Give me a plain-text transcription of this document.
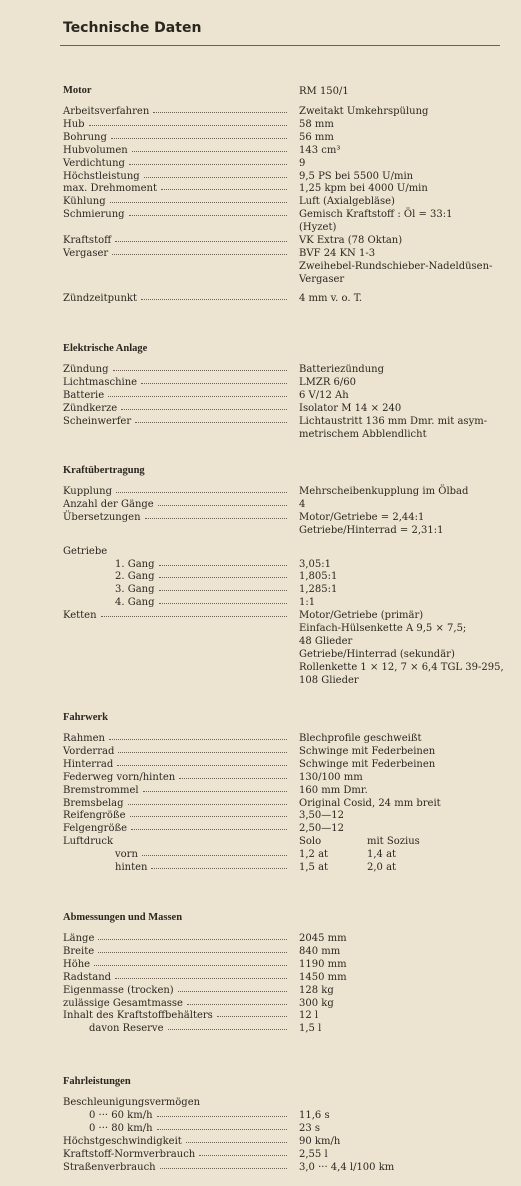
Technische Daten
Motor	RM 150/1
Arbeitsverfahren	Zweitakt Umkehrspülung
Hub	58 mm
Bohrung	56 mm
Hubvolumen	143 cm³
Verdichtung	9
Höchstleistung	9,5 PS bei 5500 U/min
max. Drehmoment	1,25 kpm bei 4000 U/min
Kühlung	Luft (Axialgebläse)
Schmierung	Gemisch Kraftstoff : Öl = 33:1
(Hyzet)
Kraftstoff	VK Extra (78 Oktan)
Vergaser	BVF 24 KN 1-3
Zweihebel-Rundschieber-Nadeldüsen-
Vergaser
Zündzeitpunkt	4 mm v. o. T.
Elektrische Anlage
Zündung	Batteriezündung
Lichtmaschine	LMZR 6/60
Batterie	6 V/12 Ah
Zündkerze	Isolator M 14 × 240
Scheinwerfer	Lichtaustritt 136 mm Dmr. mit asym-
metrischem Abblendlicht
Kraftübertragung
Kupplung	Mehrscheibenkupplung im Ölbad
Anzahl der Gänge	4
Übersetzungen	Motor/Getriebe = 2,44:1
Getriebe/Hinterrad = 2,31:1
Getriebe
1. Gang	3,05:1
2. Gang	1,805:1
3. Gang	1,285:1
4. Gang	1:1
Ketten	Motor/Getriebe (primär)
Einfach-Hülsenkette A 9,5 × 7,5;
48 Glieder
Getriebe/Hinterrad (sekundär)
Rollenkette 1 × 12, 7 × 6,4 TGL 39-295,
108 Glieder
Fahrwerk
Rahmen	Blechprofile geschweißt
Vorderrad	Schwinge mit Federbeinen
Hinterrad	Schwinge mit Federbeinen
Federweg vorn/hinten	130/100 mm
Bremstrommel	160 mm Dmr.
Bremsbelag	Original Cosid, 24 mm breit
Reifengröße	3,50—12
Felgengröße	2,50—12
Luftdruck	Solo	mit Sozius
vorn	1,2 at	1,4 at
hinten	1,5 at	2,0 at
Abmessungen und Massen
Länge	2045 mm
Breite	840 mm
Höhe	1190 mm
Radstand	1450 mm
Eigenmasse (trocken)	128 kg
zulässige Gesamtmasse	300 kg
Inhalt des Kraftstoffbehälters	12 l
davon Reserve	1,5 l
Fahrleistungen
Beschleunigungsvermögen
0 ··· 60 km/h	11,6 s
0 ··· 80 km/h	23 s
Höchstgeschwindigkeit	90 km/h
Kraftstoff-Normverbrauch	2,55 l
Straßenverbrauch	3,0 ··· 4,4 l/100 km
